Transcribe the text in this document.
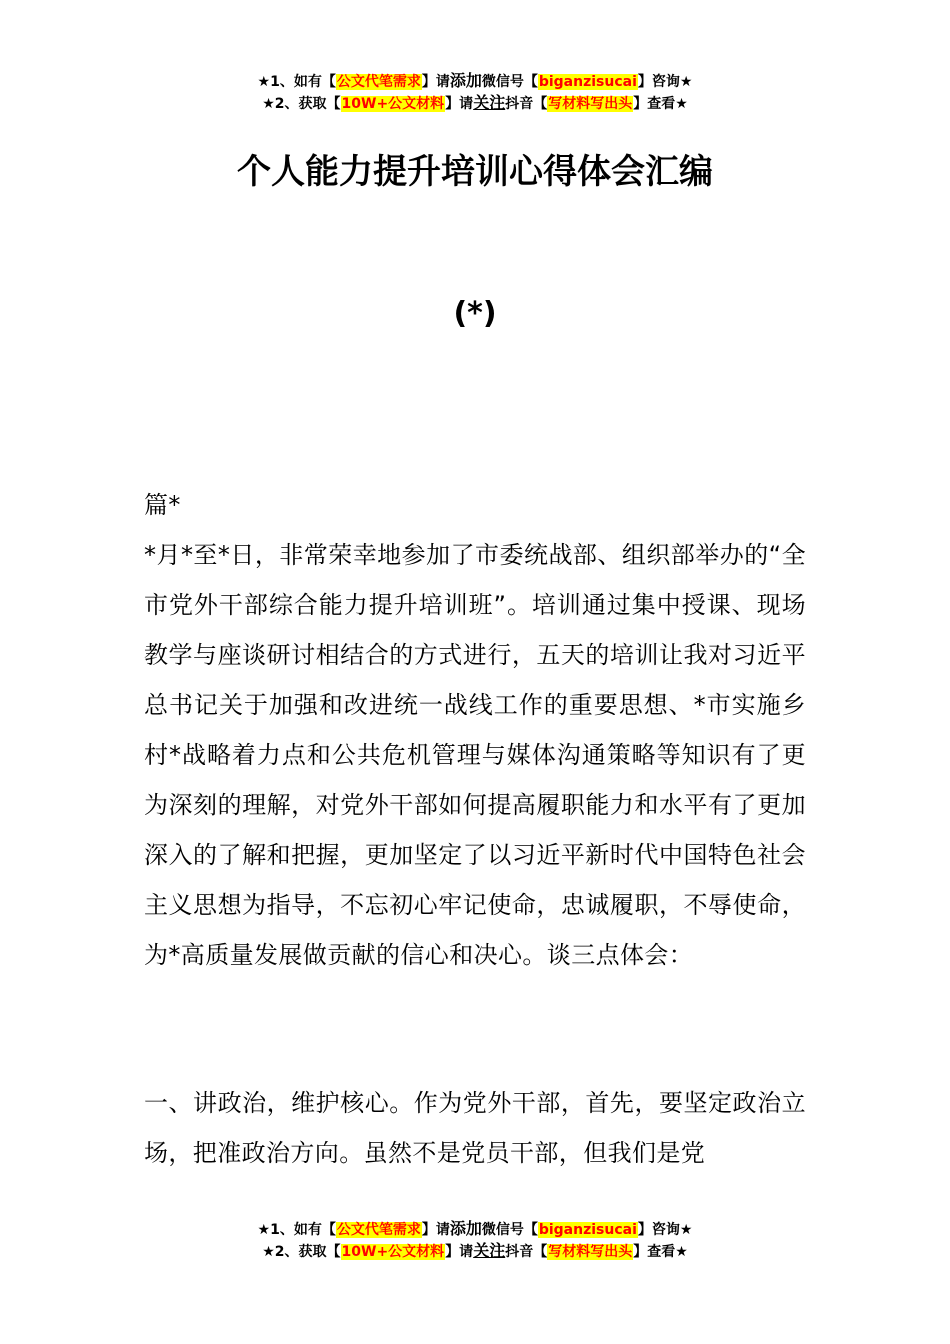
★1、如有【公文代笔需求】请添加微信号【biganzisucai】咨询★
★2、获取【10W+公文材料】请关注抖音【写材料写出头】查看★
个人能力提升培训心得体会汇编
(*)
篇*
*月*至*日，非常荣幸地参加了市委统战部、组织部举办的“全市党外干部综合能力提升培训班”。培训通过集中授课、现场教学与座谈研讨相结合的方式进行，五天的培训让我对习近平总书记关于加强和改进统一战线工作的重要思想、*市实施乡村*战略着力点和公共危机管理与媒体沟通策略等知识有了更为深刻的理解，对党外干部如何提高履职能力和水平有了更加深入的了解和把握，更加坚定了以习近平新时代中国特色社会主义思想为指导，不忘初心牢记使命，忠诚履职，不辱使命，为*高质量发展做贡献的信心和决心。谈三点体会：
一、讲政治，维护核心。作为党外干部，首先，要坚定政治立场，把准政治方向。虽然不是党员干部，但我们是党
★1、如有【公文代笔需求】请添加微信号【biganzisucai】咨询★
★2、获取【10W+公文材料】请关注抖音【写材料写出头】查看★
